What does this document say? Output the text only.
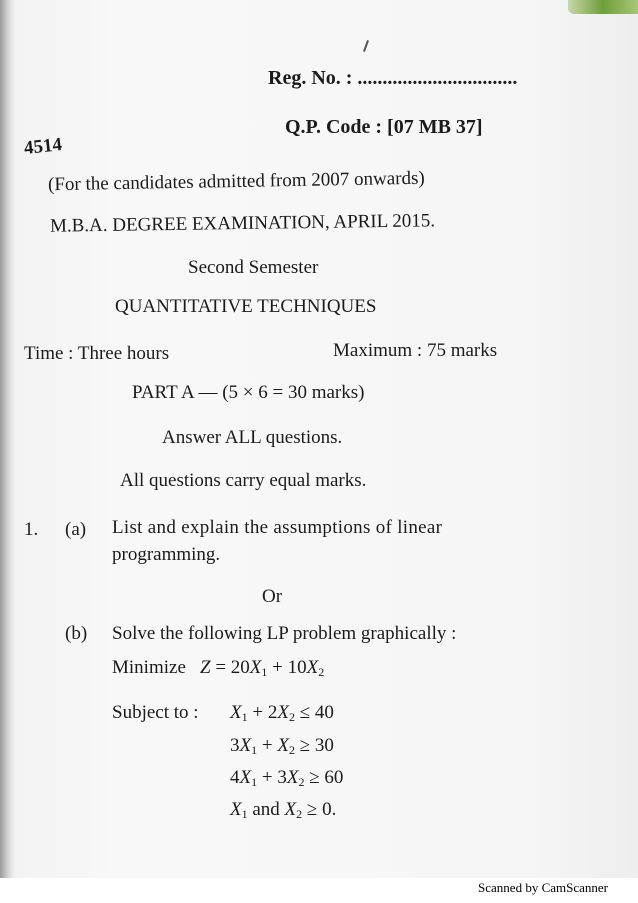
Reg. No. : ................................
4514
Q.P. Code : [07 MB 37]
(For the candidates admitted from 2007 onwards)
M.B.A. DEGREE EXAMINATION, APRIL 2015.
Second Semester
QUANTITATIVE TECHNIQUES
Time : Three hours	Maximum : 75 marks
PART A — (5 × 6 = 30 marks)
Answer ALL questions.
All questions carry equal marks.
1. (a) List and explain the assumptions of linear
programming.
Or
(b) Solve the following LP problem graphically :
Minimize $Z = 20X_1 + 10X_2$
Subject to : $X_1 + 2X_2 \le 40$
$3X_1 + X_2 \ge 30$
$4X_1 + 3X_2 \ge 60$
$X_1$ and $X_2 \ge 0$.
Scanned by CamScanner
